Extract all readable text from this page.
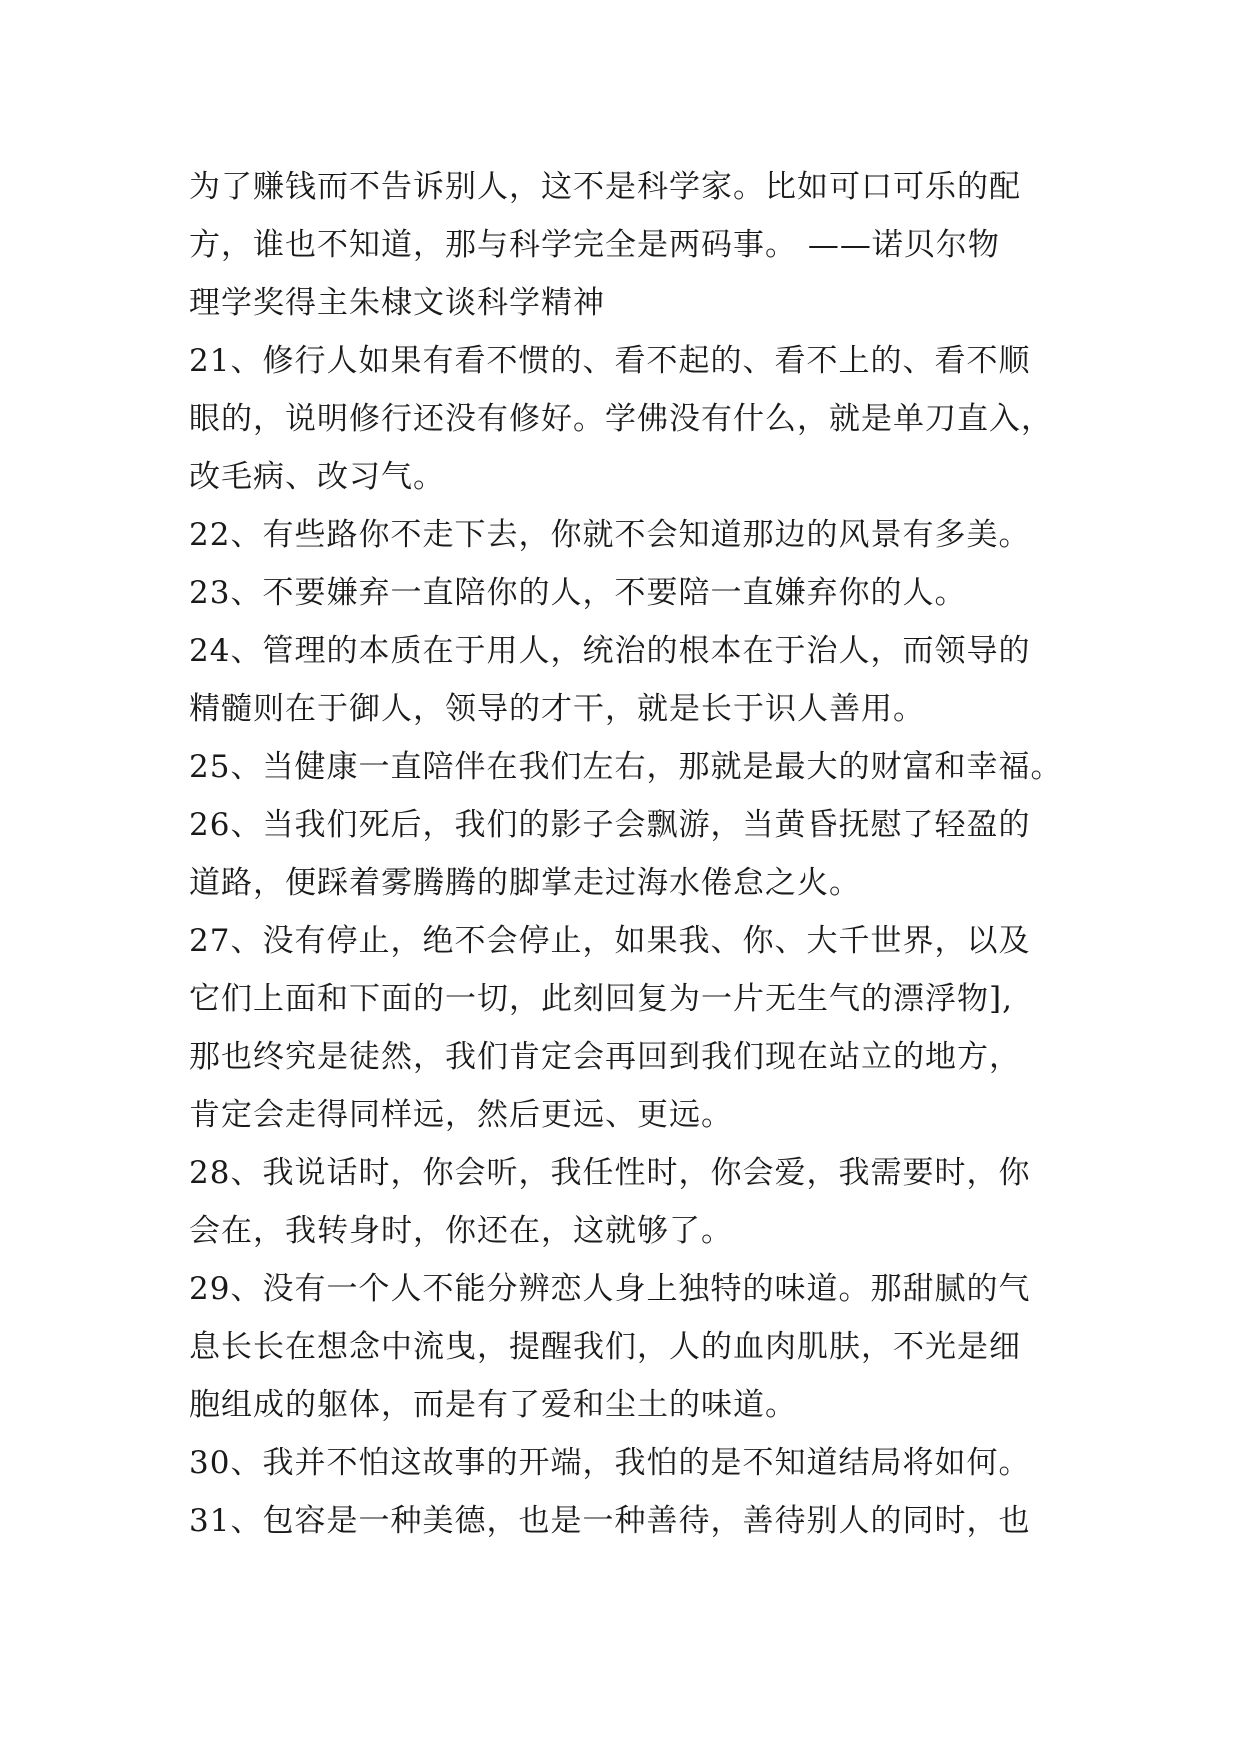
为了赚钱而不告诉别人，这不是科学家。比如可口可乐的配
方，谁也不知道，那与科学完全是两码事。 ——诺贝尔物
理学奖得主朱棣文谈科学精神
21、修行人如果有看不惯的、看不起的、看不上的、看不顺
眼的，说明修行还没有修好。学佛没有什么，就是单刀直入，
改毛病、改习气。
22、有些路你不走下去，你就不会知道那边的风景有多美。
23、不要嫌弃一直陪你的人，不要陪一直嫌弃你的人。
24、管理的本质在于用人，统治的根本在于治人，而领导的
精髓则在于御人，领导的才干，就是长于识人善用。
25、当健康一直陪伴在我们左右，那就是最大的财富和幸福。
26、当我们死后，我们的影子会飘游，当黄昏抚慰了轻盈的
道路，便踩着雾腾腾的脚掌走过海水倦怠之火。
27、没有停止，绝不会停止，如果我、你、大千世界，以及
它们上面和下面的一切，此刻回复为一片无生气的漂浮物],
那也终究是徒然，我们肯定会再回到我们现在站立的地方，
肯定会走得同样远，然后更远、更远。
28、我说话时，你会听，我任性时，你会爱，我需要时，你
会在，我转身时，你还在，这就够了。
29、没有一个人不能分辨恋人身上独特的味道。那甜腻的气
息长长在想念中流曳，提醒我们，人的血肉肌肤，不光是细
胞组成的躯体，而是有了爱和尘土的味道。
30、我并不怕这故事的开端，我怕的是不知道结局将如何。
31、包容是一种美德，也是一种善待，善待别人的同时，也
